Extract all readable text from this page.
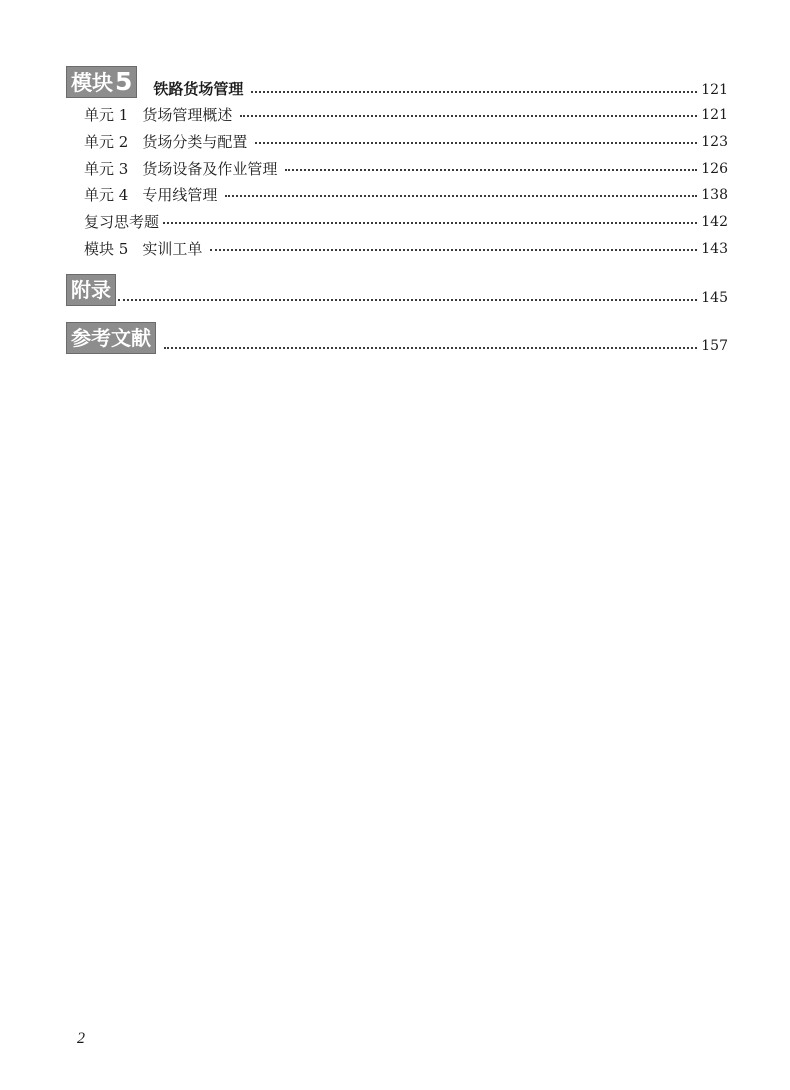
模块5	铁路货场管理	121
单元 1 货场管理概述	121
单元 2 货场分类与配置	123
单元 3 货场设备及作业管理	126
单元 4 专用线管理	138
复习思考题	142
模块 5 实训工单	143
附录	145
参考文献	157
2
